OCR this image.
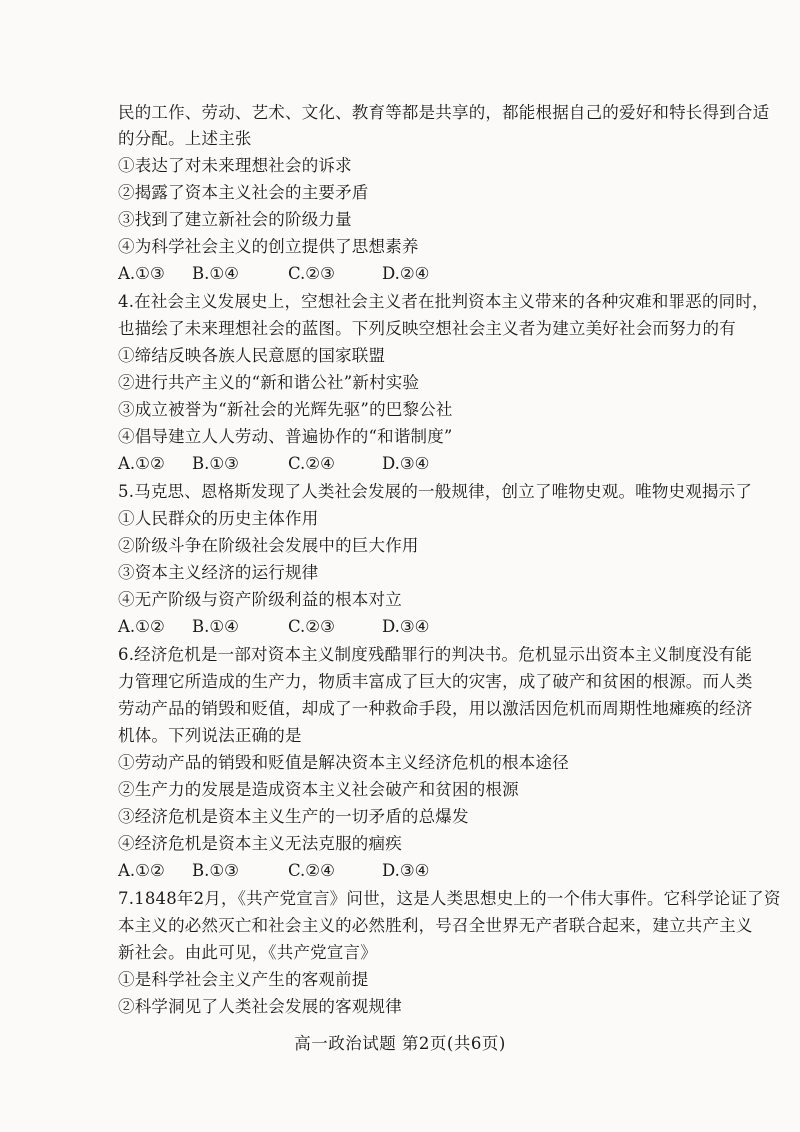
民的工作、劳动、艺术、文化、教育等都是共享的，都能根据自己的爱好和特长得到合适
的分配。上述主张
①表达了对未来理想社会的诉求
②揭露了资本主义社会的主要矛盾
③找到了建立新社会的阶级力量
④为科学社会主义的创立提供了思想素养
A.①③ B.①④	C.②③	D.②④
4.在社会主义发展史上，空想社会主义者在批判资本主义带来的各种灾难和罪恶的同时，
也描绘了未来理想社会的蓝图。下列反映空想社会主义者为建立美好社会而努力的有
①缔结反映各族人民意愿的国家联盟
②进行共产主义的“新和谐公社”新村实验
③成立被誉为“新社会的光辉先驱”的巴黎公社
④倡导建立人人劳动、普遍协作的“和谐制度”
A.①② B.①③	C.②④	D.③④
5.马克思、恩格斯发现了人类社会发展的一般规律，创立了唯物史观。唯物史观揭示了
①人民群众的历史主体作用
②阶级斗争在阶级社会发展中的巨大作用
③资本主义经济的运行规律
④无产阶级与资产阶级利益的根本对立
A.①② B.①④	C.②③	D.③④
6.经济危机是一部对资本主义制度残酷罪行的判决书。危机显示出资本主义制度没有能
力管理它所造成的生产力，物质丰富成了巨大的灾害，成了破产和贫困的根源。而人类
劳动产品的销毁和贬值，却成了一种救命手段，用以激活因危机而周期性地瘫痪的经济
机体。下列说法正确的是
①劳动产品的销毁和贬值是解决资本主义经济危机的根本途径
②生产力的发展是造成资本主义社会破产和贫困的根源
③经济危机是资本主义生产的一切矛盾的总爆发
④经济危机是资本主义无法克服的痼疾
A.①② B.①③	C.②④	D.③④
7.1848年2月，《共产党宣言》问世，这是人类思想史上的一个伟大事件。它科学论证了资
本主义的必然灭亡和社会主义的必然胜利，号召全世界无产者联合起来，建立共产主义
新社会。由此可见，《共产党宣言》
①是科学社会主义产生的客观前提
②科学洞见了人类社会发展的客观规律
高一政治试题 第2页(共6页)
